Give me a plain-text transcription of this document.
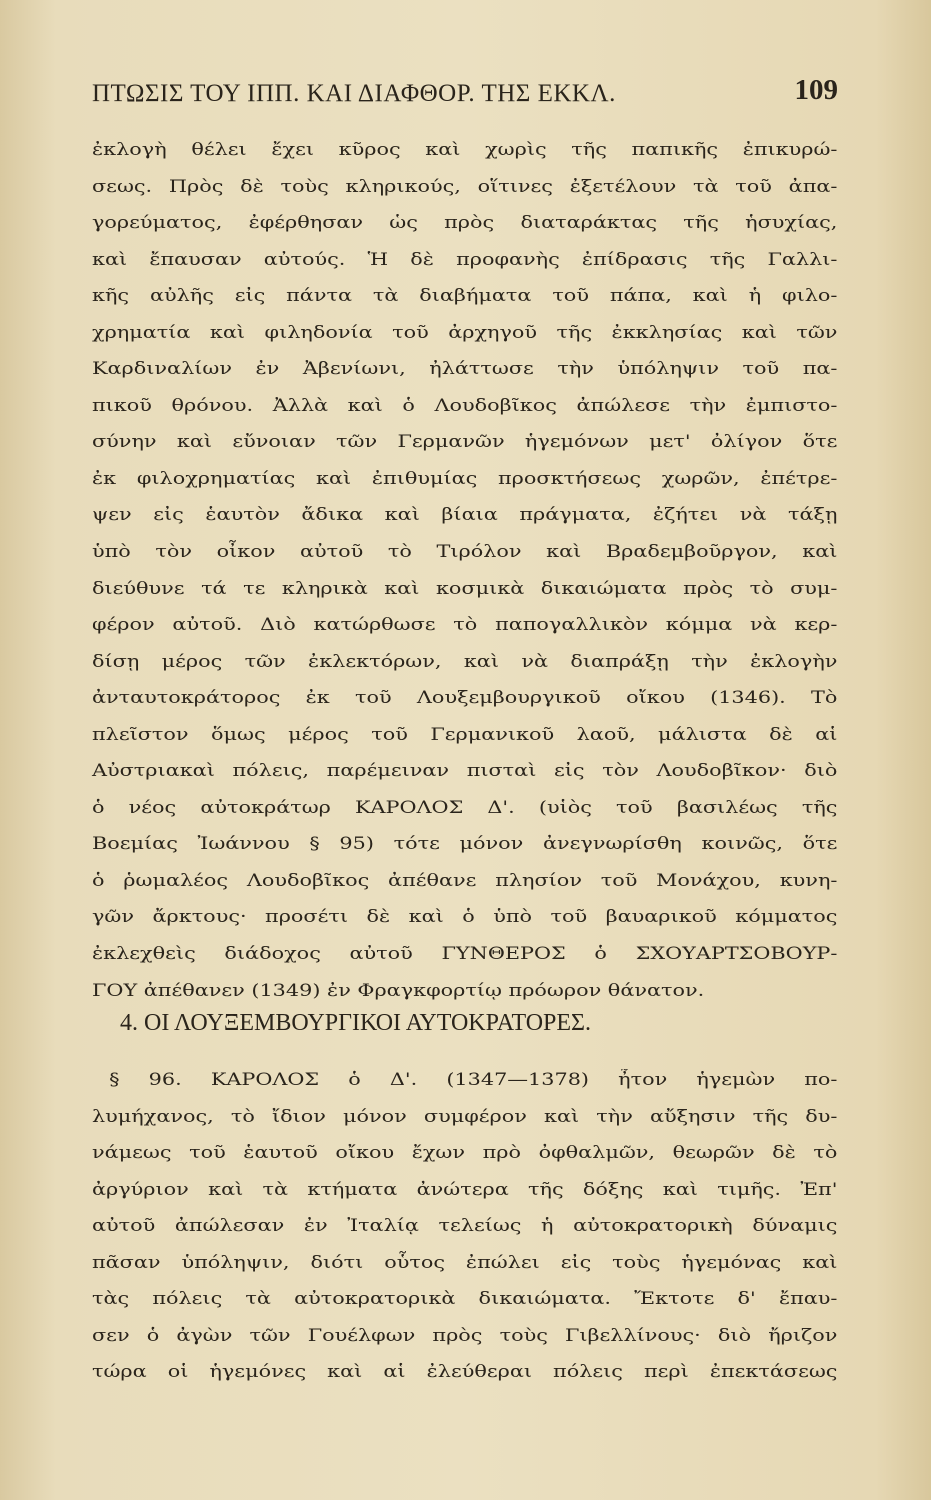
ΠΤΩΣΙΣ ΤΟΥ ΙΠΠ. ΚΑΙ ΔΙΑΦΘΟΡ. ΤΗΣ ΕΚΚΛ.	109
ἐκλογὴ θέλει ἔχει κῦρος καὶ χωρὶς τῆς παπικῆς ἐπικυρώ-
σεως. Πρὸς δὲ τοὺς κληρικούς, οἵτινες ἐξετέλουν τὰ τοῦ ἀπα-
γορεύματος, ἐφέρθησαν ὡς πρὸς διαταράκτας τῆς ἡσυχίας,
καὶ ἔπαυσαν αὐτούς. Ἡ δὲ προφανὴς ἐπίδρασις τῆς Γαλλι-
κῆς αὐλῆς εἰς πάντα τὰ διαβήματα τοῦ πάπα, καὶ ἡ φιλο-
χρηματία καὶ φιληδονία τοῦ ἀρχηγοῦ τῆς ἐκκλησίας καὶ τῶν
Καρδιναλίων ἐν Ἀβενίωνι, ἠλάττωσε τὴν ὑπόληψιν τοῦ πα-
πικοῦ θρόνου. Ἀλλὰ καὶ ὁ Λουδοβῖκος ἀπώλεσε τὴν ἐμπιστο-
σύνην καὶ εὔνοιαν τῶν Γερμανῶν ἡγεμόνων μετ' ὀλίγον ὅτε
ἐκ φιλοχρηματίας καὶ ἐπιθυμίας προσκτήσεως χωρῶν, ἐπέτρε-
ψεν εἰς ἑαυτὸν ἄδικα καὶ βίαια πράγματα, ἐζήτει νὰ τάξῃ
ὑπὸ τὸν οἶκον αὐτοῦ τὸ Τιρόλον καὶ Βραδεμβοῦργον, καὶ
διεύθυνε τά τε κληρικὰ καὶ κοσμικὰ δικαιώματα πρὸς τὸ συμ-
φέρον αὐτοῦ. Διὸ κατώρθωσε τὸ παπογαλλικὸν κόμμα νὰ κερ-
δίσῃ μέρος τῶν ἐκλεκτόρων, καὶ νὰ διαπράξῃ τὴν ἐκλογὴν
ἀνταυτοκράτορος ἐκ τοῦ Λουξεμβουργικοῦ οἴκου (1346). Τὸ
πλεῖστον ὅμως μέρος τοῦ Γερμανικοῦ λαοῦ, μάλιστα δὲ αἱ
Αὐστριακαὶ πόλεις, παρέμειναν πισταὶ εἰς τὸν Λουδοβῖκον· διὸ
ὁ νέος αὐτοκράτωρ ΚΑΡΟΛΟΣ Δ'. (υἱὸς τοῦ βασιλέως τῆς
Βοεμίας Ἰωάννου § 95) τότε μόνον ἀνεγνωρίσθη κοινῶς, ὅτε
ὁ ῥωμαλέος Λουδοβῖκος ἀπέθανε πλησίον τοῦ Μονάχου, κυνη-
γῶν ἄρκτους· προσέτι δὲ καὶ ὁ ὑπὸ τοῦ βαυαρικοῦ κόμματος
ἐκλεχθεὶς διάδοχος αὐτοῦ ΓΥΝΘΕΡΟΣ ὁ ΣΧΟΥΑΡΤΣΟΒΟΥΡ-
ΓΟΥ ἀπέθανεν (1349) ἐν Φραγκφορτίῳ πρόωρον θάνατον.
4. ΟΙ ΛΟΥΞΕΜΒΟΥΡΓΙΚΟΙ ΑΥΤΟΚΡΑΤΟΡΕΣ.
§ 96. ΚΑΡΟΛΟΣ ὁ Δ'. (1347—1378) ἦτον ἡγεμὼν πο-
λυμήχανος, τὸ ἴδιον μόνον συμφέρον καὶ τὴν αὔξησιν τῆς δυ-
νάμεως τοῦ ἑαυτοῦ οἴκου ἔχων πρὸ ὀφθαλμῶν, θεωρῶν δὲ τὸ
ἀργύριον καὶ τὰ κτήματα ἀνώτερα τῆς δόξης καὶ τιμῆς. Ἐπ'
αὐτοῦ ἀπώλεσαν ἐν Ἰταλίᾳ τελείως ἡ αὐτοκρατορικὴ δύναμις
πᾶσαν ὑπόληψιν, διότι οὗτος ἐπώλει εἰς τοὺς ἡγεμόνας καὶ
τὰς πόλεις τὰ αὐτοκρατορικὰ δικαιώματα. Ἔκτοτε δ' ἔπαυ-
σεν ὁ ἀγὼν τῶν Γουέλφων πρὸς τοὺς Γιβελλίνους· διὸ ἤριζον
τώρα οἱ ἡγεμόνες καὶ αἱ ἐλεύθεραι πόλεις περὶ ἐπεκτάσεως
